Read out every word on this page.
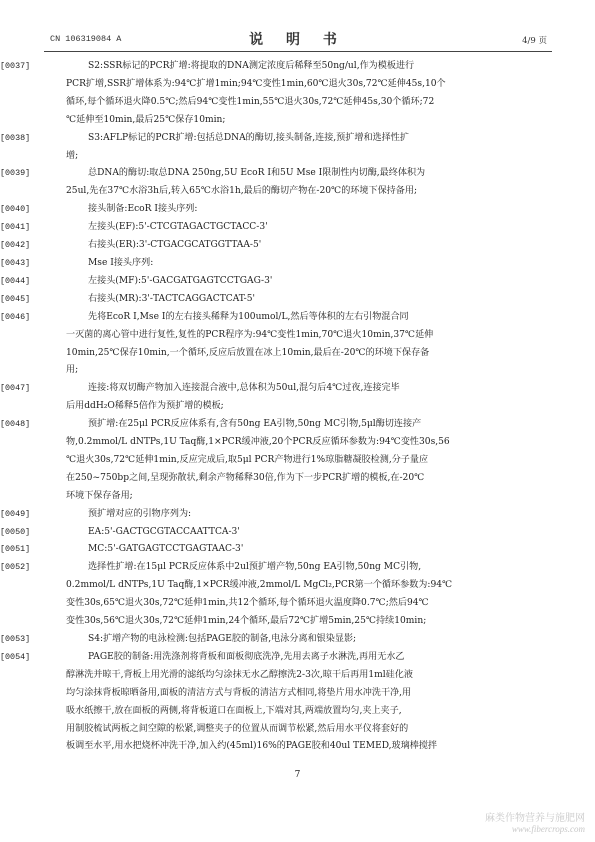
CN 106319084 A	说 明 书	4/9 页
[0037]	S2:SSR标记的PCR扩增:将提取的DNA测定浓度后稀释至50ng/ul,作为模板进行
PCR扩增,SSR扩增体系为:94℃扩增1min;94℃变性1min,60℃退火30s,72℃延伸45s,10个
循环,每个循环退火降0.5℃;然后94℃变性1min,55℃退火30s,72℃延伸45s,30个循环;72
℃延伸至10min,最后25℃保存10min;
[0038]	S3:AFLP标记的PCR扩增:包括总DNA的酶切,接头制备,连接,预扩增和选择性扩
增;
[0039]	总DNA的酶切:取总DNA 250ng,5U EcoR I和5U Mse I限制性内切酶,最终体积为
25ul,先在37℃水浴3h后,转入65℃水浴1h,最后的酶切产物在-20℃的环境下保持备用;
[0040]	接头制备:EcoR I接头序列:
[0041]	左接头(EF):5'-CTCGTAGACTGCTACC-3'
[0042]	右接头(ER):3'-CTGACGCATGGTTAA-5'
[0043]	Mse I接头序列:
[0044]	左接头(MF):5'-GACGATGAGTCCTGAG-3'
[0045]	右接头(MR):3'-TACTCAGGACTCAT-5'
[0046]	先将EcoR I,Mse I的左右接头稀释为100umol/L,然后等体积的左右引物混合同
一灭菌的离心管中进行复性,复性的PCR程序为:94℃变性1min,70℃退火10min,37℃延伸
10min,25℃保存10min,一个循环,反应后放置在冰上10min,最后在-20℃的环境下保存备
用;
[0047]	连接:将双切酶产物加入连接混合液中,总体积为50ul,混匀后4℃过夜,连接完毕
后用ddH₂O稀释5倍作为预扩增的模板;
[0048]	预扩增:在25μl PCR反应体系有,含有50ng EA引物,50ng MC引物,5μl酶切连接产
物,0.2mmol/L dNTPs,1U Taq酶,1×PCR缓冲液,20个PCR反应循环参数为:94℃变性30s,56
℃退火30s,72℃延伸1min,反应完成后,取5μl PCR产物进行1%琼脂糖凝胶检测,分子量应
在250~750bp之间,呈现弥散状,剩余产物稀释30倍,作为下一步PCR扩增的模板,在-20℃
环境下保存备用;
[0049]	预扩增对应的引物序列为:
[0050]	EA:5'-GACTGCGTACCAATTCA-3'
[0051]	MC:5'-GATGAGTCCTGAGTAAC-3'
[0052]	选择性扩增:在15μl PCR反应体系中2ul预扩增产物,50ng EA引物,50ng MC引物,
0.2mmol/L dNTPs,1U Taq酶,1×PCR缓冲液,2mmol/L MgCl₂,PCR第一个循环参数为:94℃
变性30s,65℃退火30s,72℃延伸1min,共12个循环,每个循环退火温度降0.7℃;然后94℃
变性30s,56℃退火30s,72℃延伸1min,24个循环,最后72℃扩增5min,25℃持续10min;
[0053]	S4:扩增产物的电泳检测:包括PAGE胶的制备,电泳分离和银染显影;
[0054]	PAGE胶的制备:用洗涤剂将背板和面板彻底洗净,先用去离子水淋洗,再用无水乙
醇淋洗并晾干,背板上用光滑的滤纸均匀涂抹无水乙醇擦洗2-3次,晾干后再用1ml硅化液
均匀涂抹背板晾晒备用,面板的清洁方式与背板的清洁方式相同,将垫片用水冲洗干净,用
吸水纸擦干,放在面板的两侧,将背板道口在面板上,下端对其,两端放置均匀,夹上夹子,
用制胶梳试两板之间空隙的松紧,调整夹子的位置从而调节松紧,然后用水平仪将套好的
板调至水平,用水把烧杯冲洗干净,加入约(45ml)16%的PAGE胶和40ul TEMED,玻璃棒搅拌
7
麻类作物营养与施肥网
www.fibercrops.com
